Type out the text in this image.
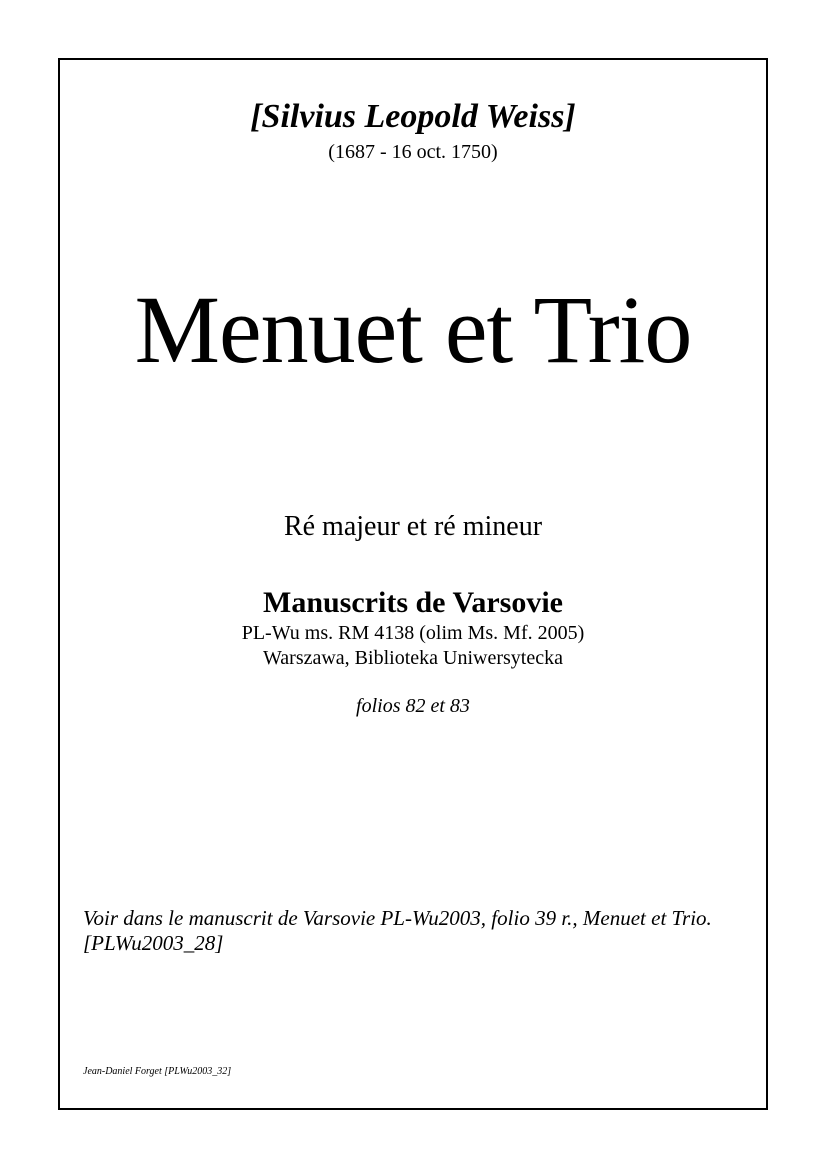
[Silvius Leopold Weiss]
(1687 - 16 oct. 1750)
Menuet et Trio
Ré majeur et ré mineur
Manuscrits de Varsovie
PL-Wu ms. RM 4138 (olim Ms. Mf. 2005)
Warszawa, Biblioteka Uniwersytecka
folios 82 et 83
Voir dans le manuscrit de Varsovie PL-Wu2003, folio 39 r., Menuet et Trio.
[PLWu2003_28]
Jean-Daniel Forget [PLWu2003_32]
